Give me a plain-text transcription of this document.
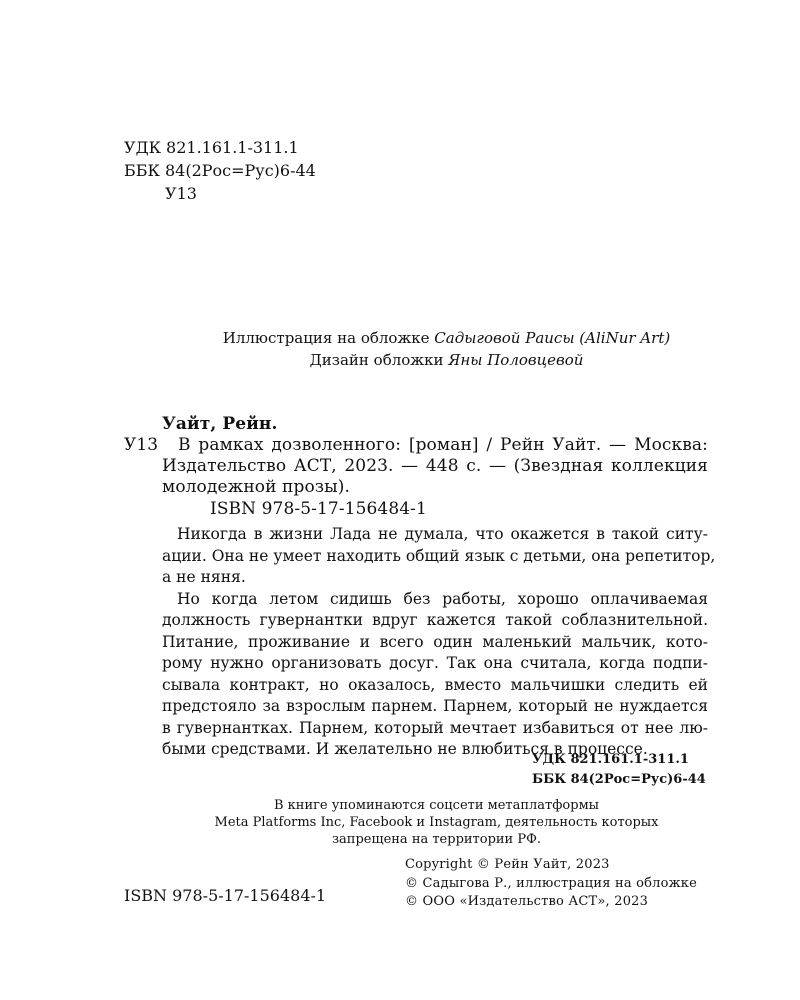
УДК 821.161.1-311.1
ББК 84(2Рос=Рус)6-44
У13
Иллюстрация на обложке Садыговой Раисы (AliNur Art)
Дизайн обложки Яны Половцевой
Уайт, Рейн.
У13 В рамках дозволенного: [роман] / Рейн Уайт. — Москва:
Издательство АСТ, 2023. — 448 с. — (Звездная коллекция
молодежной прозы).
ISBN 978-5-17-156484-1
Никогда в жизни Лада не думала, что окажется в такой ситу-
ации. Она не умеет находить общий язык с детьми, она репетитор,
а не няня.
Но когда летом сидишь без работы, хорошо оплачиваемая
должность гувернантки вдруг кажется такой соблазнительной.
Питание, проживание и всего один маленький мальчик, кото-
рому нужно организовать досуг. Так она считала, когда подпи-
сывала контракт, но оказалось, вместо мальчишки следить ей
предстояло за взрослым парнем. Парнем, который не нуждается
в гувернантках. Парнем, который мечтает избавиться от нее лю-
быми средствами. И желательно не влюбиться в процессе.
УДК 821.161.1-311.1
ББК 84(2Рос=Рус)6-44
В книге упоминаются соцсети метаплатформы
Meta Platforms Inc, Facebook и Instagram, деятельность которых
запрещена на территории РФ.
ISBN 978-5-17-156484-1
Copyright © Рейн Уайт, 2023
© Садыгова Р., иллюстрация на обложке
© ООО «Издательство АСТ», 2023
